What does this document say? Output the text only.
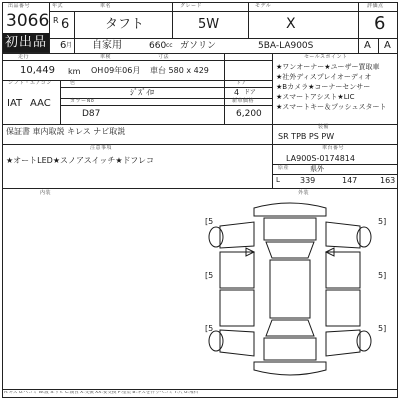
出品番号
3066
初出品
年式	車名	グレード	モデル	評価点
R 6	タフト	5W	X	6
6 月 自家用	660 cc ガソリン	5BA-LA900S	A A
走行	車検	寸法	セールスポイント
10,449 km OH 09年06月 車台 580 x 429
シフト・エアコン	色	ドア
ｼﾞｽﾞｲﾛ	4 ドア
IAT AAC	カラーNo	新車価格
D87	6,200
保証書 車内取説 キレス ナビ取説
★ワンオーナー★ユーザー買取車
★社外ディスプレイオーディオ
★Bカメラ★コーナーセンサー
★スマートアシスト★LIC
★スマートキー＆プッシュスタート
装備
SR TPB PS PW
注意事項
★オートLED★スノアスイッチ★ドフレコ
車台番号
LA900S-0174814
原産	県外
L	339	147	163
内装	外装
[5	5]
[5	5]
[5	5]
A:キズ U:ヘコミ W:波 S:サビ C:腐食 X:交換 XX:要交換 P:塗装 B:キズを伴うヘコミ Y:穴 G:飛石
